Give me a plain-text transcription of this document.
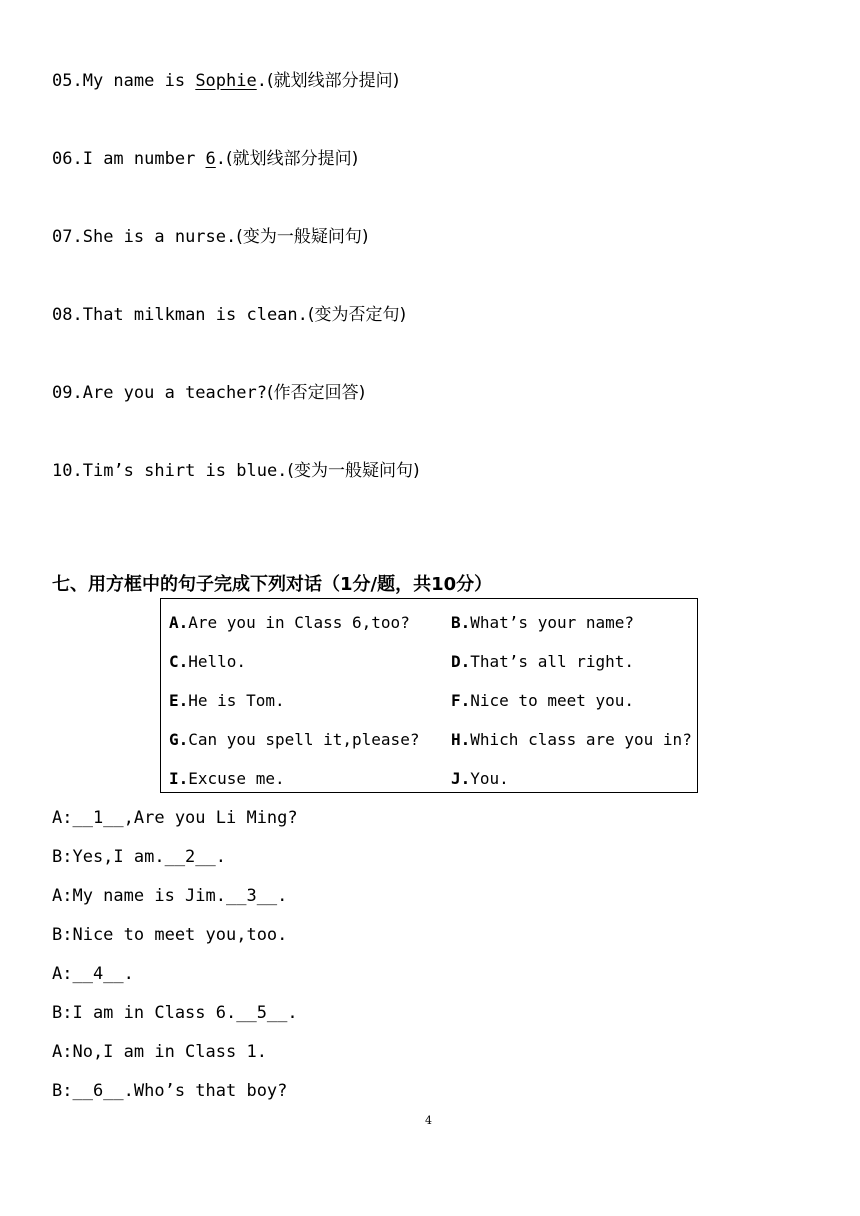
05.My name is Sophie.(就划线部分提问)
06.I am number 6.(就划线部分提问)
07.She is a nurse.(变为一般疑问句)
08.That milkman is clean.(变为否定句)
09.Are you a teacher?(作否定回答)
10.Tim’s shirt is blue.(变为一般疑问句)
七、用方框中的句子完成下列对话（1分/题，共10分）
A.Are you in Class 6,too?	B.What’s your name?
C.Hello.	D.That’s all right.
E.He is Tom.	F.Nice to meet you.
G.Can you spell it,please? H.Which class are you in?
I.Excuse me.	J.You.
A:__1__,Are you Li Ming?
B:Yes,I am.__2__.
A:My name is Jim.__3__.
B:Nice to meet you,too.
A:__4__.
B:I am in Class 6.__5__.
A:No,I am in Class 1.
B:__6__.Who’s that boy?
4
